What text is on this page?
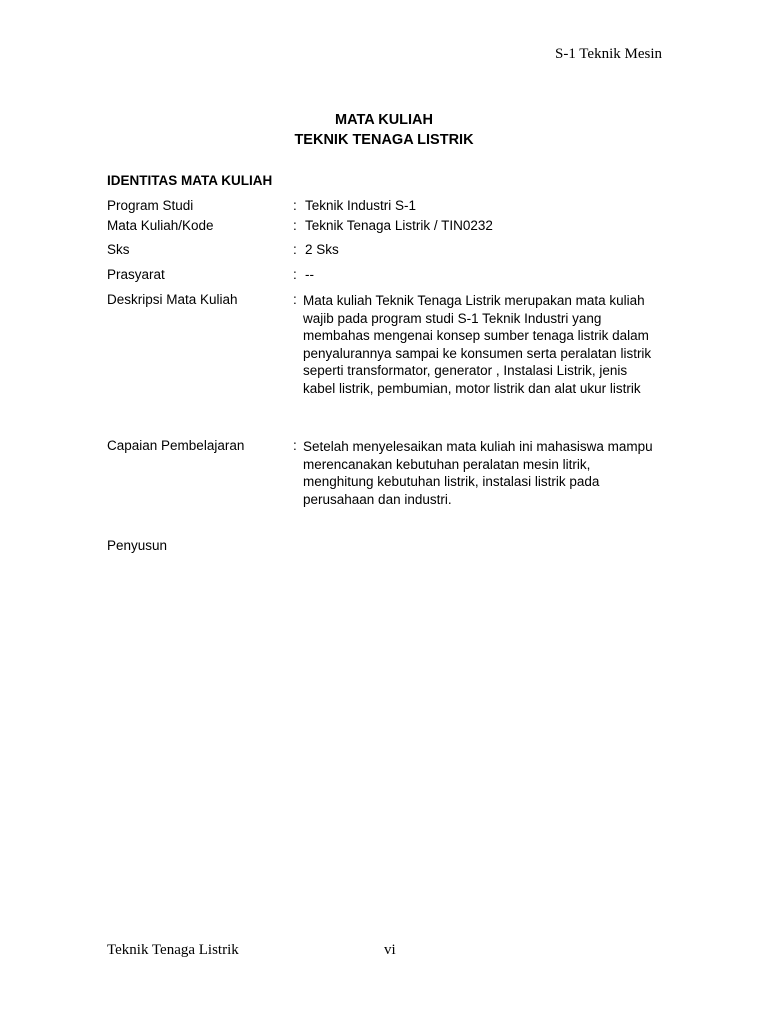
S-1 Teknik Mesin
MATA KULIAH
TEKNIK TENAGA LISTRIK
IDENTITAS MATA KULIAH
Program Studi	: Teknik Industri S-1
Mata Kuliah/Kode	: Teknik Tenaga Listrik / TIN0232
Sks	: 2 Sks
Prasyarat	: --
Deskripsi Mata Kuliah	: Mata kuliah Teknik Tenaga Listrik merupakan mata kuliah
wajib pada program studi S-1 Teknik Industri yang
membahas mengenai konsep sumber tenaga listrik dalam
penyalurannya sampai ke konsumen serta peralatan listrik
seperti transformator, generator , Instalasi Listrik, jenis
kabel listrik, pembumian, motor listrik dan alat ukur listrik
Capaian Pembelajaran	: Setelah menyelesaikan mata kuliah ini mahasiswa mampu
merencanakan kebutuhan peralatan mesin litrik,
menghitung kebutuhan listrik, instalasi listrik pada
perusahaan dan industri.
Penyusun
Teknik Tenaga Listrik	vi
